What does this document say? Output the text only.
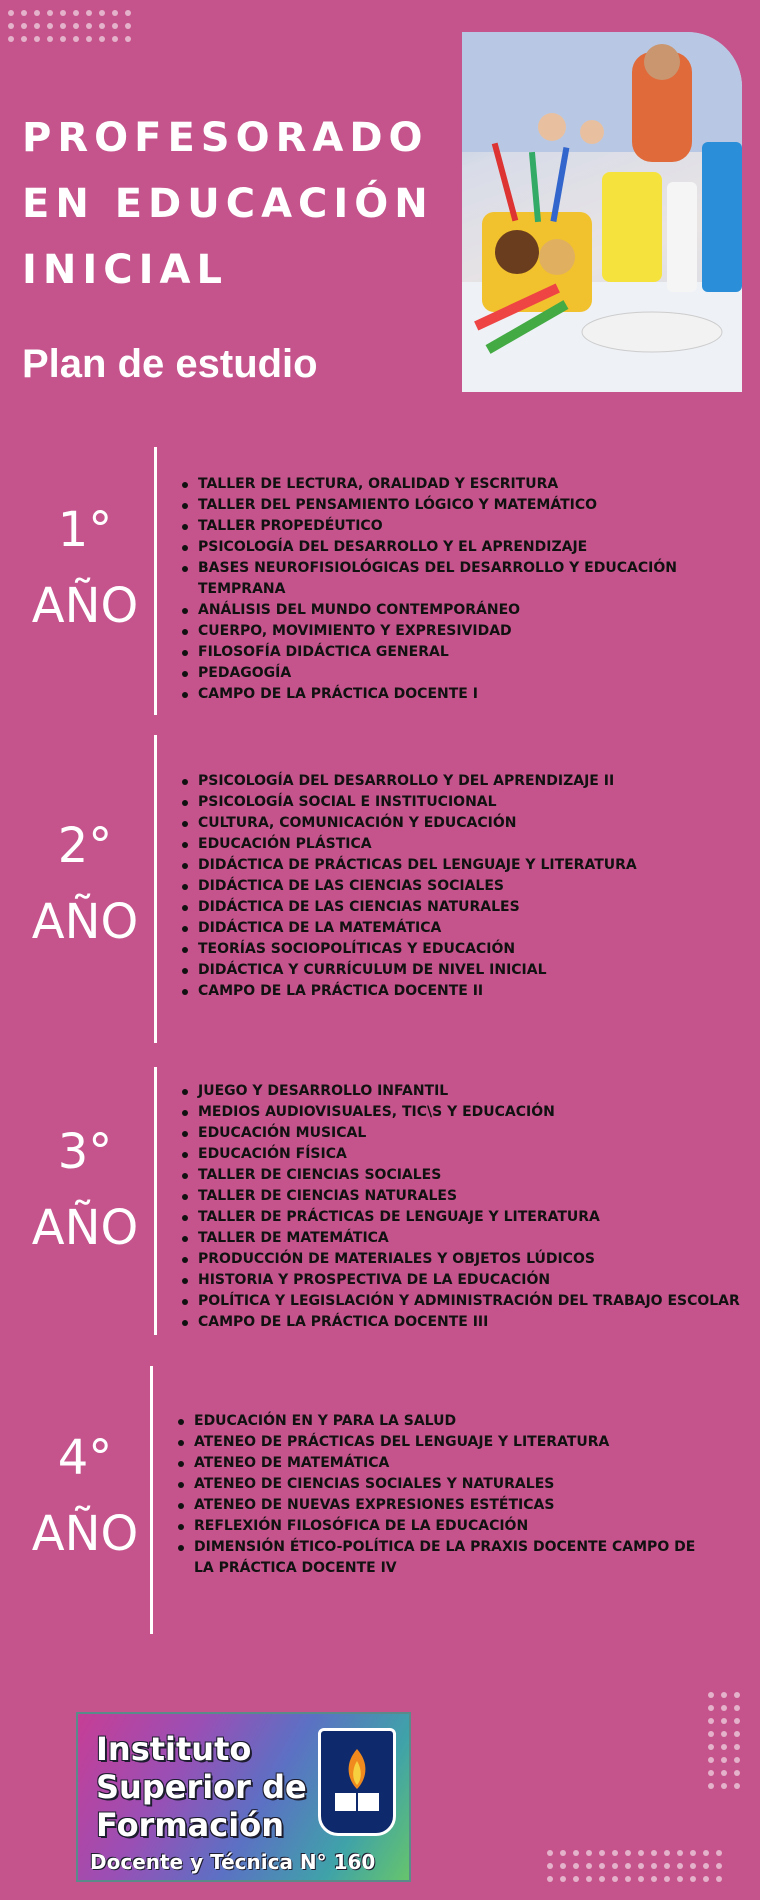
PROFESORADO
EN EDUCACIÓN
INICIAL
Plan de estudio
1°
AÑO
TALLER DE LECTURA, ORALIDAD Y ESCRITURA
TALLER DEL PENSAMIENTO LÓGICO Y MATEMÁTICO
TALLER PROPEDÉUTICO
PSICOLOGÍA DEL DESARROLLO Y EL APRENDIZAJE
BASES NEUROFISIOLÓGICAS DEL DESARROLLO Y EDUCACIÓN TEMPRANA
ANÁLISIS DEL MUNDO CONTEMPORÁNEO
CUERPO, MOVIMIENTO Y EXPRESIVIDAD
FILOSOFÍA DIDÁCTICA GENERAL
PEDAGOGÍA
CAMPO DE LA PRÁCTICA DOCENTE I
2°
AÑO
PSICOLOGÍA DEL DESARROLLO Y DEL APRENDIZAJE II
PSICOLOGÍA SOCIAL E INSTITUCIONAL
CULTURA, COMUNICACIÓN Y EDUCACIÓN
EDUCACIÓN PLÁSTICA
DIDÁCTICA DE PRÁCTICAS DEL LENGUAJE Y LITERATURA
DIDÁCTICA DE LAS CIENCIAS SOCIALES
DIDÁCTICA DE LAS CIENCIAS NATURALES
DIDÁCTICA DE LA MATEMÁTICA
TEORÍAS SOCIOPOLÍTICAS Y EDUCACIÓN
DIDÁCTICA Y CURRÍCULUM DE NIVEL INICIAL
CAMPO DE LA PRÁCTICA DOCENTE II
3°
AÑO
JUEGO Y DESARROLLO INFANTIL
MEDIOS AUDIOVISUALES, TIC\S Y EDUCACIÓN
EDUCACIÓN MUSICAL
EDUCACIÓN FÍSICA
TALLER DE CIENCIAS SOCIALES
TALLER DE CIENCIAS NATURALES
TALLER DE PRÁCTICAS DE LENGUAJE Y LITERATURA
TALLER DE MATEMÁTICA
PRODUCCIÓN DE MATERIALES Y OBJETOS LÚDICOS
HISTORIA Y PROSPECTIVA DE LA EDUCACIÓN
POLÍTICA Y LEGISLACIÓN Y ADMINISTRACIÓN DEL TRABAJO ESCOLAR
CAMPO DE LA PRÁCTICA DOCENTE III
4°
AÑO
EDUCACIÓN EN Y PARA LA SALUD
ATENEO DE PRÁCTICAS DEL LENGUAJE Y LITERATURA
ATENEO DE MATEMÁTICA
ATENEO DE CIENCIAS SOCIALES Y NATURALES
ATENEO DE NUEVAS EXPRESIONES ESTÉTICAS
REFLEXIÓN FILOSÓFICA DE LA EDUCACIÓN
DIMENSIÓN ÉTICO-POLÍTICA DE LA PRAXIS DOCENTE CAMPO DE LA PRÁCTICA DOCENTE IV
Instituto
Superior de
Formación
Docente y Técnica N° 160
